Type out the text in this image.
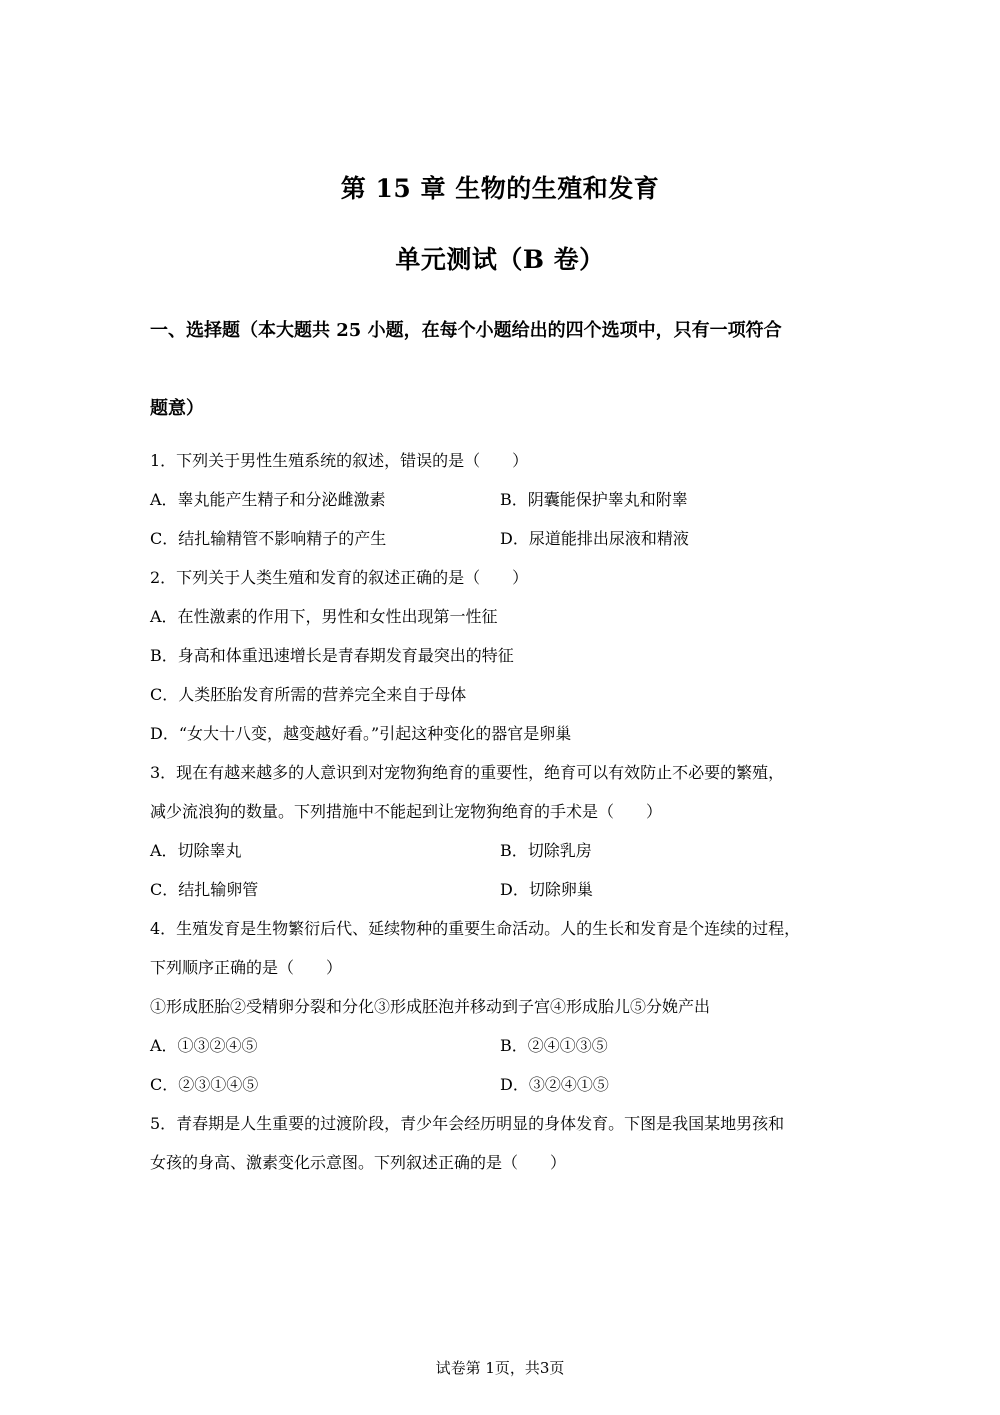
第 15 章 生物的生殖和发育
单元测试（B 卷）
一、选择题（本大题共 25 小题，在每个小题给出的四个选项中，只有一项符合
题意）
1．下列关于男性生殖系统的叙述，错误的是（　　）
A．睾丸能产生精子和分泌雌激素	B．阴囊能保护睾丸和附睾
C．结扎输精管不影响精子的产生	D．尿道能排出尿液和精液
2．下列关于人类生殖和发育的叙述正确的是（　　）
A．在性激素的作用下，男性和女性出现第一性征
B．身高和体重迅速增长是青春期发育最突出的特征
C．人类胚胎发育所需的营养完全来自于母体
D．“女大十八变，越变越好看。”引起这种变化的器官是卵巢
3．现在有越来越多的人意识到对宠物狗绝育的重要性，绝育可以有效防止不必要的繁殖，
减少流浪狗的数量。下列措施中不能起到让宠物狗绝育的手术是（　　）
A．切除睾丸	B．切除乳房
C．结扎输卵管	D．切除卵巢
4．生殖发育是生物繁衍后代、延续物种的重要生命活动。人的生长和发育是个连续的过程，
下列顺序正确的是（　　）
①形成胚胎②受精卵分裂和分化③形成胚泡并移动到子宫④形成胎儿⑤分娩产出
A．①③②④⑤	B．②④①③⑤
C．②③①④⑤	D．③②④①⑤
5．青春期是人生重要的过渡阶段，青少年会经历明显的身体发育。下图是我国某地男孩和
女孩的身高、激素变化示意图。下列叙述正确的是（　　）
试卷第 1页，共3页
